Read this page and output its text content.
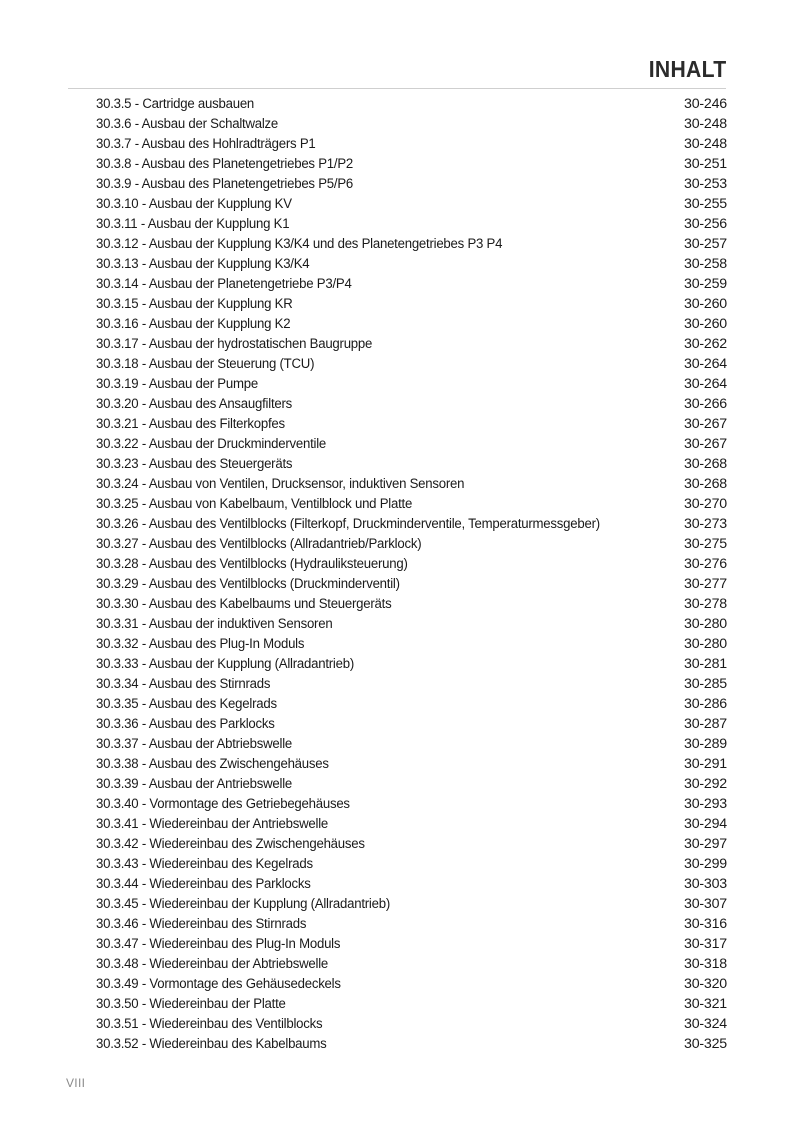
INHALT
30.3.5 - Cartridge ausbauen	30-246
30.3.6 - Ausbau der Schaltwalze	30-248
30.3.7 - Ausbau des Hohlradträgers P1	30-248
30.3.8 - Ausbau des Planetengetriebes P1/P2	30-251
30.3.9 - Ausbau des Planetengetriebes P5/P6	30-253
30.3.10 - Ausbau der Kupplung KV	30-255
30.3.11 - Ausbau der Kupplung K1	30-256
30.3.12 - Ausbau der Kupplung K3/K4 und des Planetengetriebes P3 P4	30-257
30.3.13 - Ausbau der Kupplung K3/K4	30-258
30.3.14 - Ausbau der Planetengetriebe P3/P4	30-259
30.3.15 - Ausbau der Kupplung KR	30-260
30.3.16 - Ausbau der Kupplung K2	30-260
30.3.17 - Ausbau der hydrostatischen Baugruppe	30-262
30.3.18 - Ausbau der Steuerung (TCU)	30-264
30.3.19 - Ausbau der Pumpe	30-264
30.3.20 - Ausbau des Ansaugfilters	30-266
30.3.21 - Ausbau des Filterkopfes	30-267
30.3.22 - Ausbau der Druckminderventile	30-267
30.3.23 - Ausbau des Steuergeräts	30-268
30.3.24 - Ausbau von Ventilen, Drucksensor, induktiven Sensoren	30-268
30.3.25 - Ausbau von Kabelbaum, Ventilblock und Platte	30-270
30.3.26 - Ausbau des Ventilblocks (Filterkopf, Druckminderventile, Temperaturmessgeber)	30-273
30.3.27 - Ausbau des Ventilblocks (Allradantrieb/Parklock)	30-275
30.3.28 - Ausbau des Ventilblocks (Hydrauliksteuerung)	30-276
30.3.29 - Ausbau des Ventilblocks (Druckminderventil)	30-277
30.3.30 - Ausbau des Kabelbaums und Steuergeräts	30-278
30.3.31 - Ausbau der induktiven Sensoren	30-280
30.3.32 - Ausbau des Plug-In Moduls	30-280
30.3.33 - Ausbau der Kupplung (Allradantrieb)	30-281
30.3.34 - Ausbau des Stirnrads	30-285
30.3.35 - Ausbau des Kegelrads	30-286
30.3.36 - Ausbau des Parklocks	30-287
30.3.37 - Ausbau der Abtriebswelle	30-289
30.3.38 - Ausbau des Zwischengehäuses	30-291
30.3.39 - Ausbau der Antriebswelle	30-292
30.3.40 - Vormontage des Getriebegehäuses	30-293
30.3.41 - Wiedereinbau der Antriebswelle	30-294
30.3.42 - Wiedereinbau des Zwischengehäuses	30-297
30.3.43 - Wiedereinbau des Kegelrads	30-299
30.3.44 - Wiedereinbau des Parklocks	30-303
30.3.45 - Wiedereinbau der Kupplung (Allradantrieb)	30-307
30.3.46 - Wiedereinbau des Stirnrads	30-316
30.3.47 - Wiedereinbau des Plug-In Moduls	30-317
30.3.48 - Wiedereinbau der Abtriebswelle	30-318
30.3.49 - Vormontage des Gehäusedeckels	30-320
30.3.50 - Wiedereinbau der Platte	30-321
30.3.51 - Wiedereinbau des Ventilblocks	30-324
30.3.52 - Wiedereinbau des Kabelbaums	30-325
VIII
